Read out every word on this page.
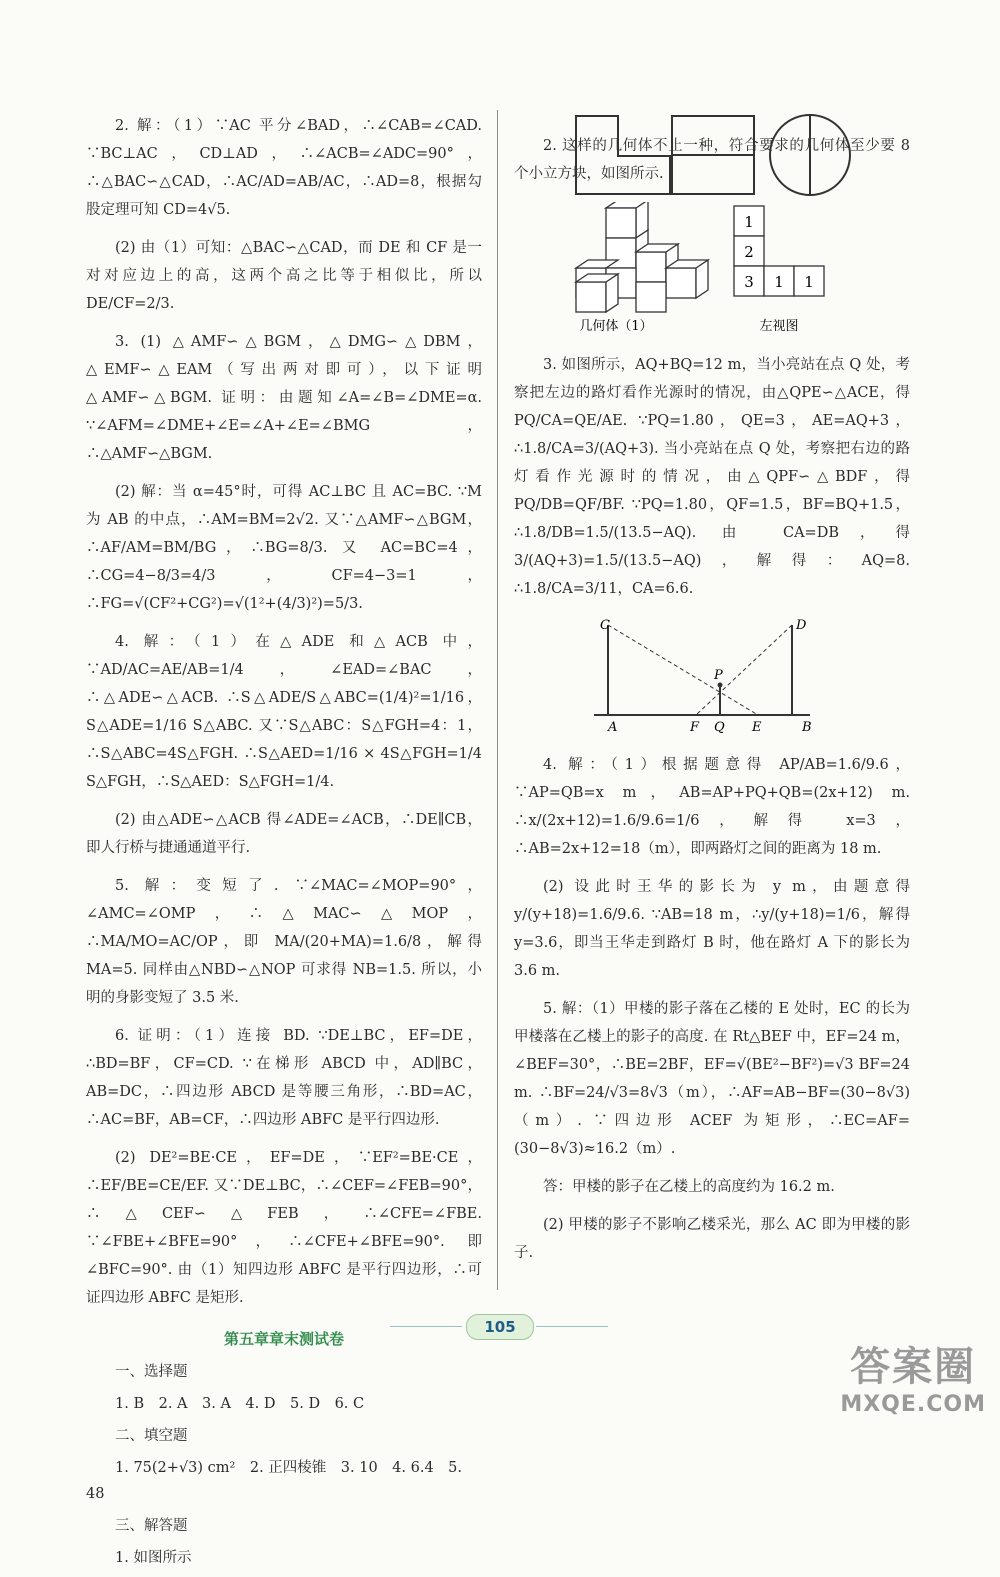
2. 解：（1）∵AC 平分∠BAD，∴∠CAB=∠CAD. ∵BC⊥AC，CD⊥AD，∴∠ACB=∠ADC=90°，∴△BAC∽△CAD，∴AC/AD=AB/AC，∴AD=8，根据勾股定理可知 CD=4√5.

(2) 由（1）可知：△BAC∽△CAD，而 DE 和 CF 是一对对应边上的高，这两个高之比等于相似比，所以 DE/CF=2/3.

3. (1) △AMF∽△BGM，△DMG∽△DBM，△EMF∽△EAM（写出两对即可），以下证明△AMF∽△BGM. 证明：由题知∠A=∠B=∠DME=α. ∵∠AFM=∠DME+∠E=∠A+∠E=∠BMG，∴△AMF∽△BGM.

(2) 解：当 α=45°时，可得 AC⊥BC 且 AC=BC. ∵M 为 AB 的中点，∴AM=BM=2√2. 又∵△AMF∽△BGM，∴AF/AM=BM/BG，∴BG=8/3. 又 AC=BC=4，∴CG=4−8/3=4/3，CF=4−3=1，∴FG=√(CF²+CG²)=√(1²+(4/3)²)=5/3.

4. 解：（1）在△ADE 和△ACB 中，∵AD/AC=AE/AB=1/4，∠EAD=∠BAC，∴△ADE∽△ACB. ∴S△ADE/S△ABC=(1/4)²=1/16，S△ADE=1/16 S△ABC. 又∵S△ABC：S△FGH=4：1，∴S△ABC=4S△FGH. ∴S△AED=1/16 × 4S△FGH=1/4 S△FGH，∴S△AED：S△FGH=1/4.

(2) 由△ADE∽△ACB 得∠ADE=∠ACB，∴DE∥CB，即人行桥与捷通通道平行.

5. 解：变短了. ∵∠MAC=∠MOP=90°，∠AMC=∠OMP，∴△MAC∽△MOP，∴MA/MO=AC/OP，即 MA/(20+MA)=1.6/8，解得 MA=5. 同样由△NBD∽△NOP 可求得 NB=1.5. 所以，小明的身影变短了 3.5 米.

6. 证明：（1）连接 BD. ∵DE⊥BC，EF=DE，∴BD=BF，CF=CD. ∵在梯形 ABCD 中，AD∥BC，AB=DC，∴四边形 ABCD 是等腰三角形，∴BD=AC，∴AC=BF，AB=CF，∴四边形 ABFC 是平行四边形.

(2) DE²=BE·CE，EF=DE，∵EF²=BE·CE，∴EF/BE=CE/EF. 又∵DE⊥BC，∴∠CEF=∠FEB=90°，∴△CEF∽△FEB，∴∠CFE=∠FBE. ∵∠FBE+∠BFE=90°，∴∠CFE+∠BFE=90°. 即∠BFC=90°. 由（1）知四边形 ABFC 是平行四边形，∴可证四边形 ABFC 是矩形.

第五章章末测试卷
一、选择题
1. B　2. A　3. A　4. D　5. D　6. C
二、填空题
1. 75(2+√3) cm²　2. 正四棱锥　3. 10　4. 6.4　5. 48
三、解答题
1. 如图所示

2. 这样的几何体不止一种，符合要求的几何体至少要 8 个小立方块，如图所示.

1
2
3 1 1
几何体（1）	左视图

3. 如图所示，AQ+BQ=12 m，当小亮站在点 Q 处，考察把左边的路灯看作光源时的情况，由△QPE∽△ACE，得 PQ/CA=QE/AE. ∵PQ=1.80，QE=3，AE=AQ+3，∴1.8/CA=3/(AQ+3). 当小亮站在点 Q 处，考察把右边的路灯看作光源时的情况，由△QPF∽△BDF，得 PQ/DB=QF/BF. ∵PQ=1.80，QF=1.5，BF=BQ+1.5，∴1.8/DB=1.5/(13.5−AQ). 由 CA=DB，得 3/(AQ+3)=1.5/(13.5−AQ)，解得：AQ=8. ∴1.8/CA=3/11，CA=6.6.

C	D
P
A	F Q E	B

4. 解：（1）根据题意得 AP/AB=1.6/9.6，∵AP=QB=x m，AB=AP+PQ+QB=(2x+12) m. ∴x/(2x+12)=1.6/9.6=1/6，解得 x=3，∴AB=2x+12=18（m），即两路灯之间的距离为 18 m.

(2) 设此时王华的影长为 y m，由题意得 y/(y+18)=1.6/9.6. ∵AB=18 m，∴y/(y+18)=1/6，解得 y=3.6，即当王华走到路灯 B 时，他在路灯 A 下的影长为 3.6 m.

5. 解：（1）甲楼的影子落在乙楼的 E 处时，EC 的长为甲楼落在乙楼上的影子的高度. 在 Rt△BEF 中，EF=24 m，∠BEF=30°，∴BE=2BF，EF=√(BE²−BF²)=√3 BF=24 m. ∴BF=24/√3=8√3（m），∴AF=AB−BF=(30−8√3)（m）. ∵四边形 ACEF 为矩形，∴EC=AF=(30−8√3)≈16.2（m）.

答：甲楼的影子在乙楼上的高度约为 16.2 m.

(2) 甲楼的影子不影响乙楼采光，那么 AC 即为甲楼的影子.

105
答案圈
MXQE.COM
